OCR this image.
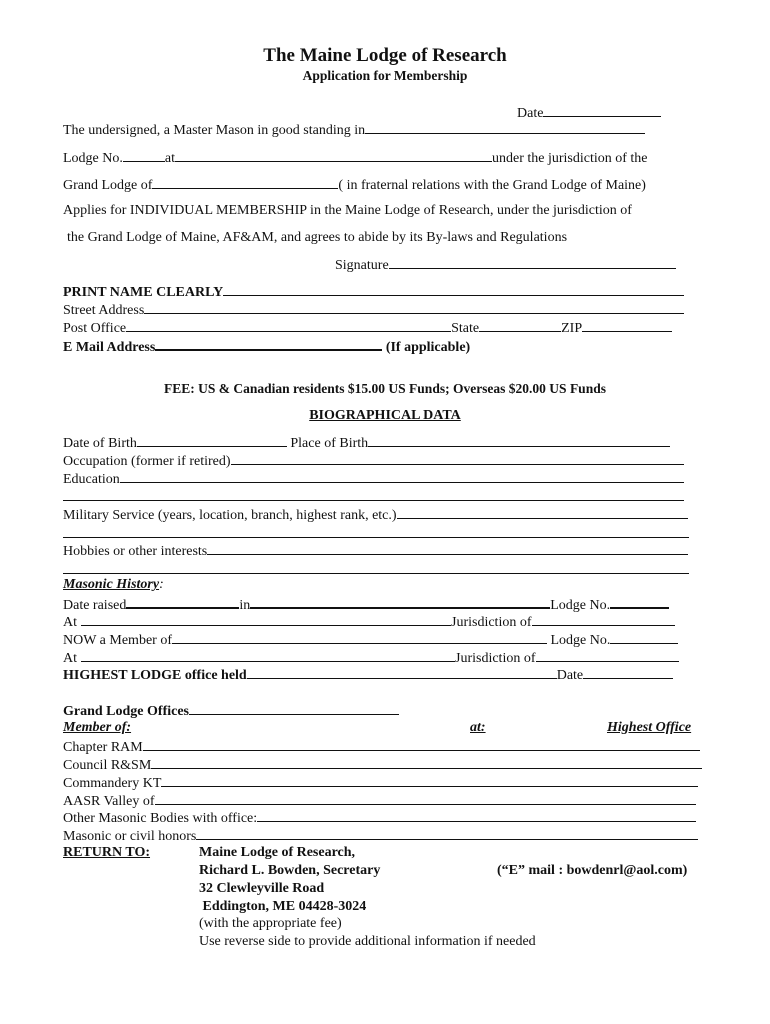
The Maine Lodge of Research
Application for Membership
Date
The undersigned, a Master Mason in good standing in
Lodge No.	at	under the jurisdiction of the
Grand Lodge of	( in fraternal relations with the Grand Lodge of Maine)
Applies for INDIVIDUAL MEMBERSHIP in the Maine Lodge of Research, under the jurisdiction of
the Grand Lodge of Maine, AF&AM, and agrees to abide by its By-laws and Regulations
Signature
PRINT NAME CLEARLY
Street Address
Post Office	State	ZIP
E Mail Address	(If applicable)
FEE: US & Canadian residents $15.00 US Funds; Overseas $20.00 US Funds
BIOGRAPHICAL DATA
Date of Birth	Place of Birth
Occupation (former if retired)
Education
Military Service (years, location, branch, highest rank, etc.)
Hobbies or other interests
Masonic History:
Date raised	in	Lodge No.
At	Jurisdiction of
NOW a Member of	Lodge No.
At	Jurisdiction of
HIGHEST LODGE office held	Date
Grand Lodge Offices
Member of:	at:	Highest Office
Chapter RAM
Council R&SM
Commandery KT
AASR Valley of
Other Masonic Bodies with office:
Masonic or civil honors
RETURN TO:	Maine Lodge of Research,
Richard L. Bowden, Secretary	(“E” mail : bowdenrl@aol.com)
32 Clewleyville Road
Eddington, ME 04428-3024
(with the appropriate fee)
Use reverse side to provide additional information if needed
